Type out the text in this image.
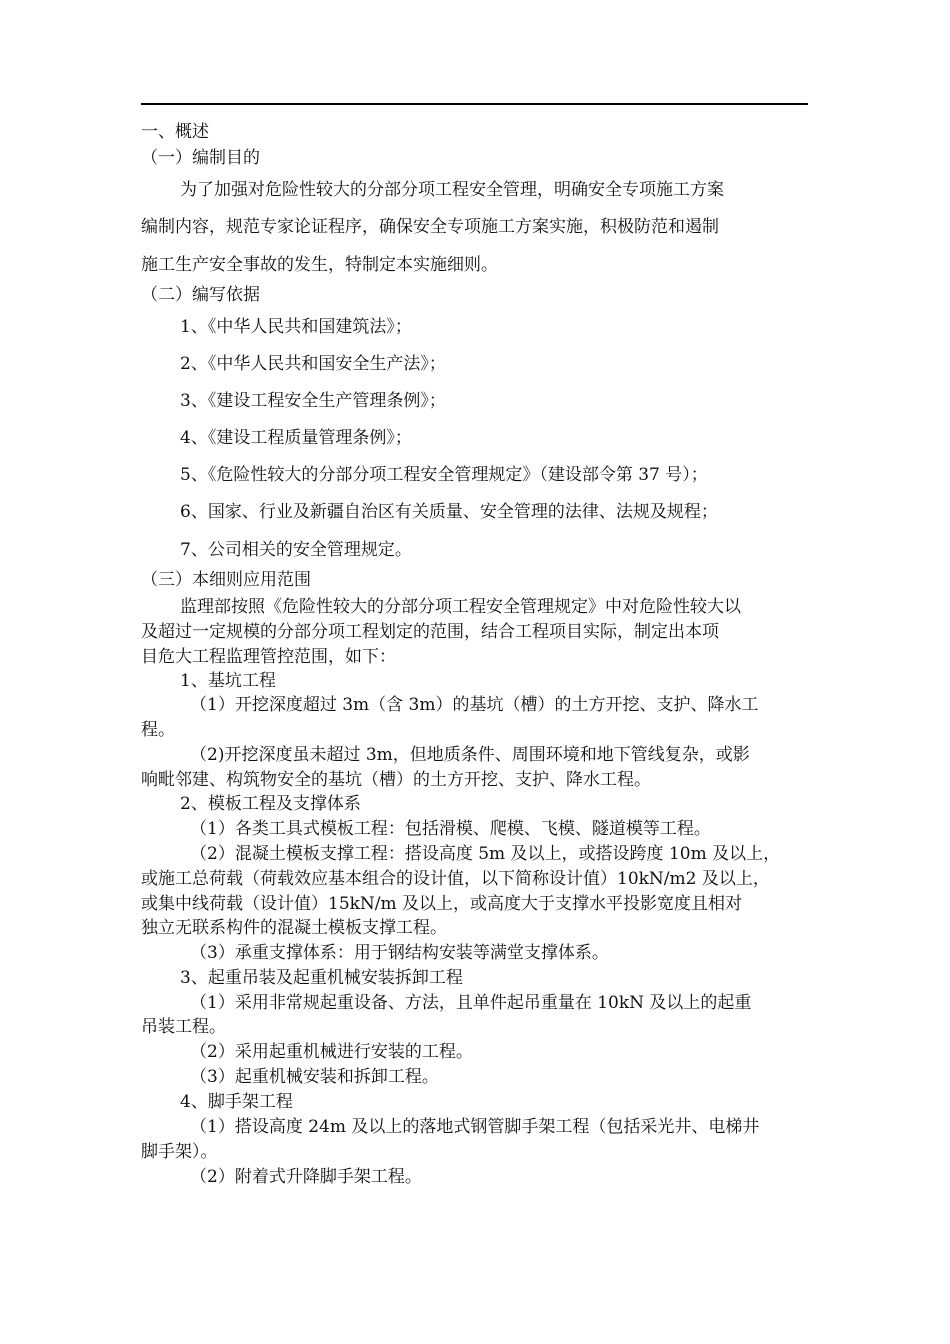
一、概述
（一）编制目的
为了加强对危险性较大的分部分项工程安全管理，明确安全专项施工方案
编制内容，规范专家论证程序，确保安全专项施工方案实施，积极防范和遏制
施工生产安全事故的发生，特制定本实施细则。
（二）编写依据
1、《中华人民共和国建筑法》；
2、《中华人民共和国安全生产法》；
3、《建设工程安全生产管理条例》；
4、《建设工程质量管理条例》；
5、《危险性较大的分部分项工程安全管理规定》（建设部令第 37 号）；
6、国家、行业及新疆自治区有关质量、安全管理的法律、法规及规程；
7、公司相关的安全管理规定。
（三）本细则应用范围
监理部按照《危险性较大的分部分项工程安全管理规定》中对危险性较大以
及超过一定规模的分部分项工程划定的范围，结合工程项目实际，制定出本项
目危大工程监理管控范围，如下：
1、基坑工程
（1）开挖深度超过 3m（含 3m）的基坑（槽）的土方开挖、支护、降水工
程。
（2)开挖深度虽未超过 3m，但地质条件、周围环境和地下管线复杂，或影
响毗邻建、构筑物安全的基坑（槽）的土方开挖、支护、降水工程。
2、模板工程及支撑体系
（1）各类工具式模板工程：包括滑模、爬模、飞模、隧道模等工程。
（2）混凝土模板支撑工程：搭设高度 5m 及以上，或搭设跨度 10m 及以上，
或施工总荷载（荷载效应基本组合的设计值，以下简称设计值）10kN/m2 及以上，
或集中线荷载（设计值）15kN/m 及以上，或高度大于支撑水平投影宽度且相对
独立无联系构件的混凝土模板支撑工程。
（3）承重支撑体系：用于钢结构安装等满堂支撑体系。
3、起重吊装及起重机械安装拆卸工程
（1）采用非常规起重设备、方法，且单件起吊重量在 10kN 及以上的起重
吊装工程。
（2）采用起重机械进行安装的工程。
（3）起重机械安装和拆卸工程。
4、脚手架工程
（1）搭设高度 24m 及以上的落地式钢管脚手架工程（包括采光井、电梯井
脚手架）。
（2）附着式升降脚手架工程。
